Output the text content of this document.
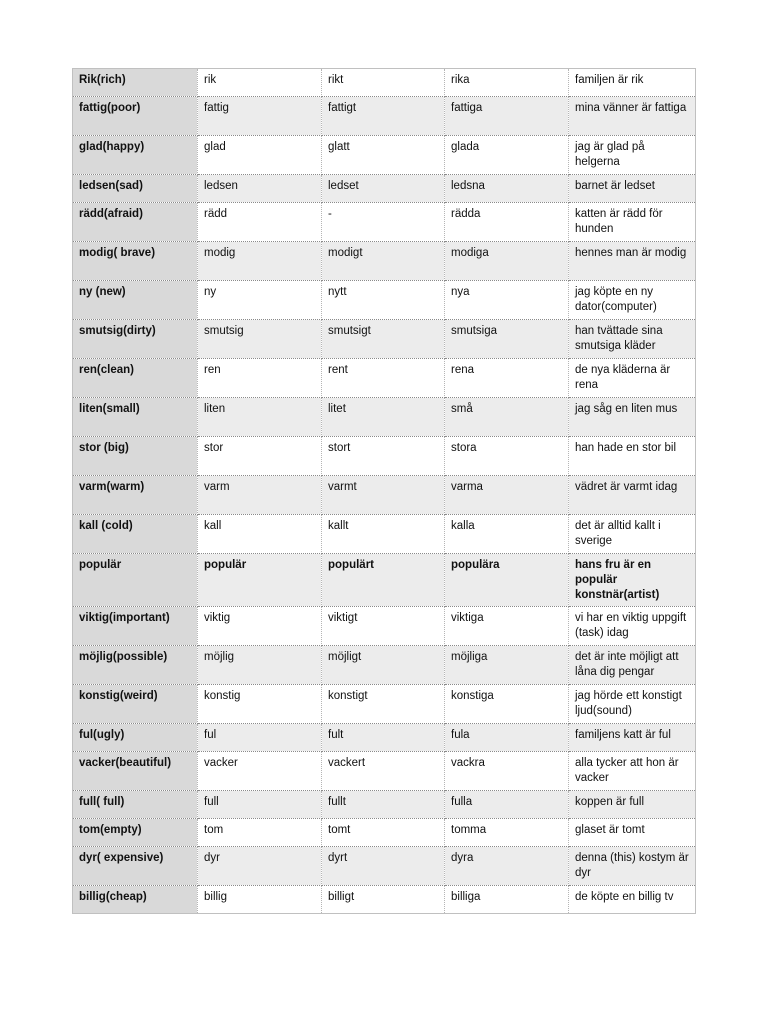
Rik(rich)	rik	rikt	rika	familjen är rik
fattig(poor)	fattig	fattigt	fattiga	mina vänner är fattiga
glad(happy)	glad	glatt	glada	jag är glad på helgerna
ledsen(sad)	ledsen	ledset	ledsna	barnet är ledset
rädd(afraid)	rädd	-	rädda	katten är rädd för hunden
modig( brave)	modig	modigt	modiga	hennes man är modig
ny (new)	ny	nytt	nya	jag köpte en ny dator(computer)
smutsig(dirty)	smutsig	smutsigt	smutsiga	han tvättade sina smutsiga kläder
ren(clean)	ren	rent	rena	de nya kläderna är rena
liten(small)	liten	litet	små	jag såg en liten mus
stor (big)	stor	stort	stora	han hade en stor bil
varm(warm)	varm	varmt	varma	vädret är varmt idag
kall (cold)	kall	kallt	kalla	det är alltid kallt i sverige
populär	populär	populärt	populära	hans fru är en populär konstnär(artist)
viktig(important)	viktig	viktigt	viktiga	vi har en viktig uppgift (task) idag
möjlig(possible)	möjlig	möjligt	möjliga	det är inte möjligt att låna dig pengar
konstig(weird)	konstig	konstigt	konstiga	jag hörde ett konstigt ljud(sound)
ful(ugly)	ful	fult	fula	familjens katt är ful
vacker(beautiful)	vacker	vackert	vackra	alla tycker att hon är vacker
full( full)	full	fullt	fulla	koppen är full
tom(empty)	tom	tomt	tomma	glaset är tomt
dyr( expensive)	dyr	dyrt	dyra	denna (this) kostym är dyr
billig(cheap)	billig	billigt	billiga	de köpte en billig tv
